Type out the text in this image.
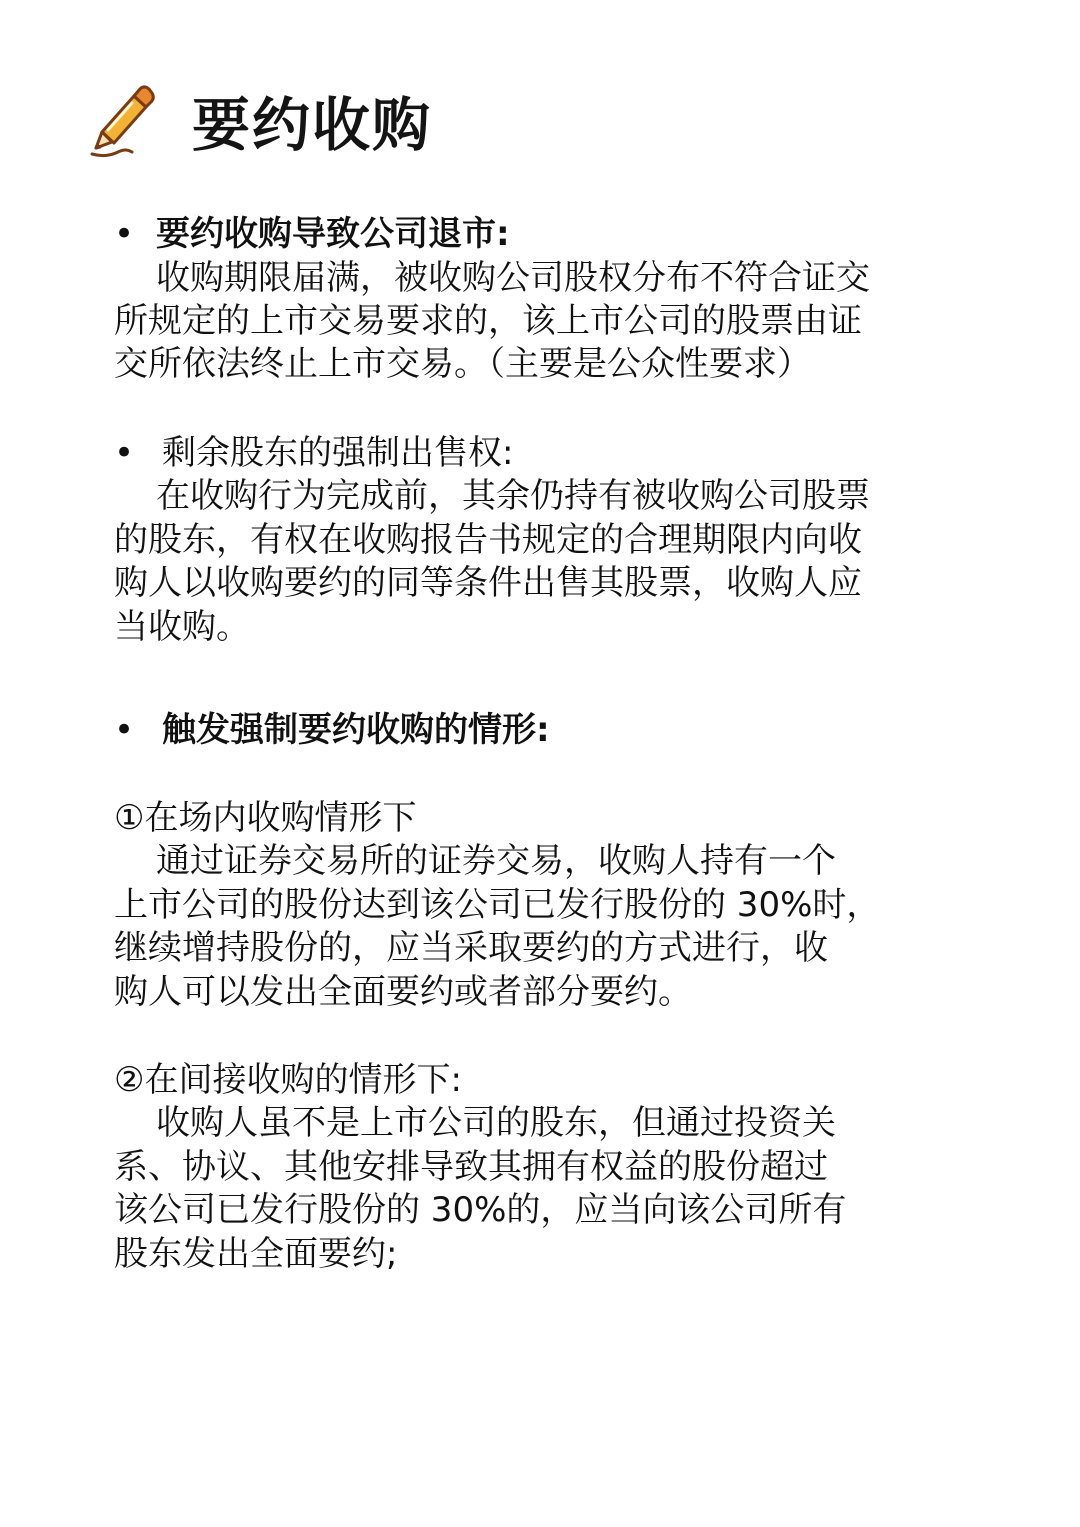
要约收购
• 要约收购导致公司退市:
收购期限届满，被收购公司股权分布不符合证交
所规定的上市交易要求的，该上市公司的股票由证
交所依法终止上市交易。（主要是公众性要求）
• 剩余股东的强制出售权:
在收购行为完成前，其余仍持有被收购公司股票
的股东，有权在收购报告书规定的合理期限内向收
购人以收购要约的同等条件出售其股票，收购人应
当收购。
• 触发强制要约收购的情形:
①在场内收购情形下
通过证券交易所的证券交易，收购人持有一个
上市公司的股份达到该公司已发行股份的 30%时，
继续增持股份的，应当采取要约的方式进行，收
购人可以发出全面要约或者部分要约。
②在间接收购的情形下:
收购人虽不是上市公司的股东，但通过投资关
系、协议、其他安排导致其拥有权益的股份超过
该公司已发行股份的 30%的，应当向该公司所有
股东发出全面要约;
